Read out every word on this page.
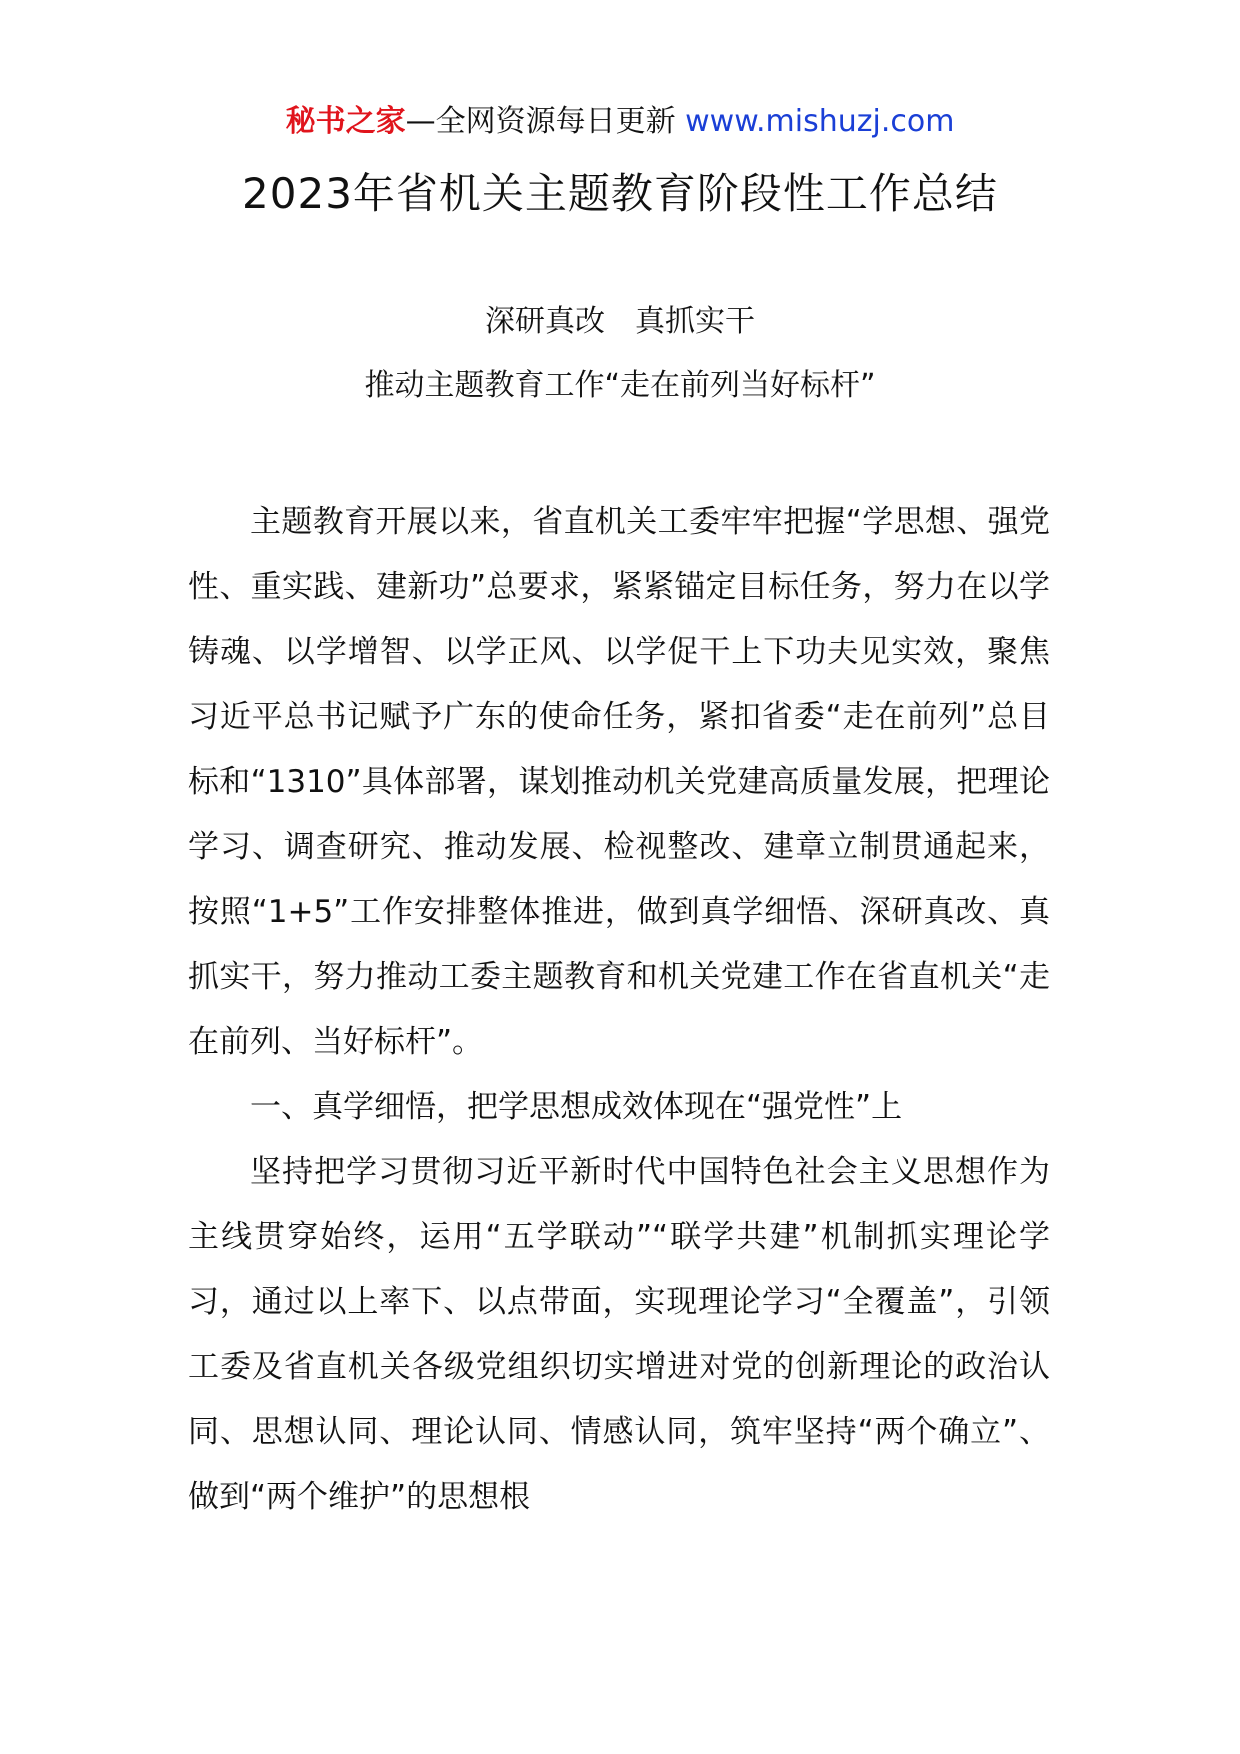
秘书之家—全网资源每日更新 www.mishuzj.com
2023年省机关主题教育阶段性工作总结
深研真改　真抓实干
推动主题教育工作“走在前列当好标杆”

主题教育开展以来，省直机关工委牢牢把握“学思想、强党性、重实践、建新功”总要求，紧紧锚定目标任务，努力在以学铸魂、以学增智、以学正风、以学促干上下功夫见实效，聚焦习近平总书记赋予广东的使命任务，紧扣省委“走在前列”总目标和“1310”具体部署，谋划推动机关党建高质量发展，把理论学习、调查研究、推动发展、检视整改、建章立制贯通起来，按照“1+5”工作安排整体推进，做到真学细悟、深研真改、真抓实干，努力推动工委主题教育和机关党建工作在省直机关“走在前列、当好标杆”。

一、真学细悟，把学思想成效体现在“强党性”上

坚持把学习贯彻习近平新时代中国特色社会主义思想作为主线贯穿始终，运用“五学联动”“联学共建”机制抓实理论学习，通过以上率下、以点带面，实现理论学习“全覆盖”，引领工委及省直机关各级党组织切实增进对党的创新理论的政治认同、思想认同、理论认同、情感认同，筑牢坚持“两个确立”、做到“两个维护”的思想根
